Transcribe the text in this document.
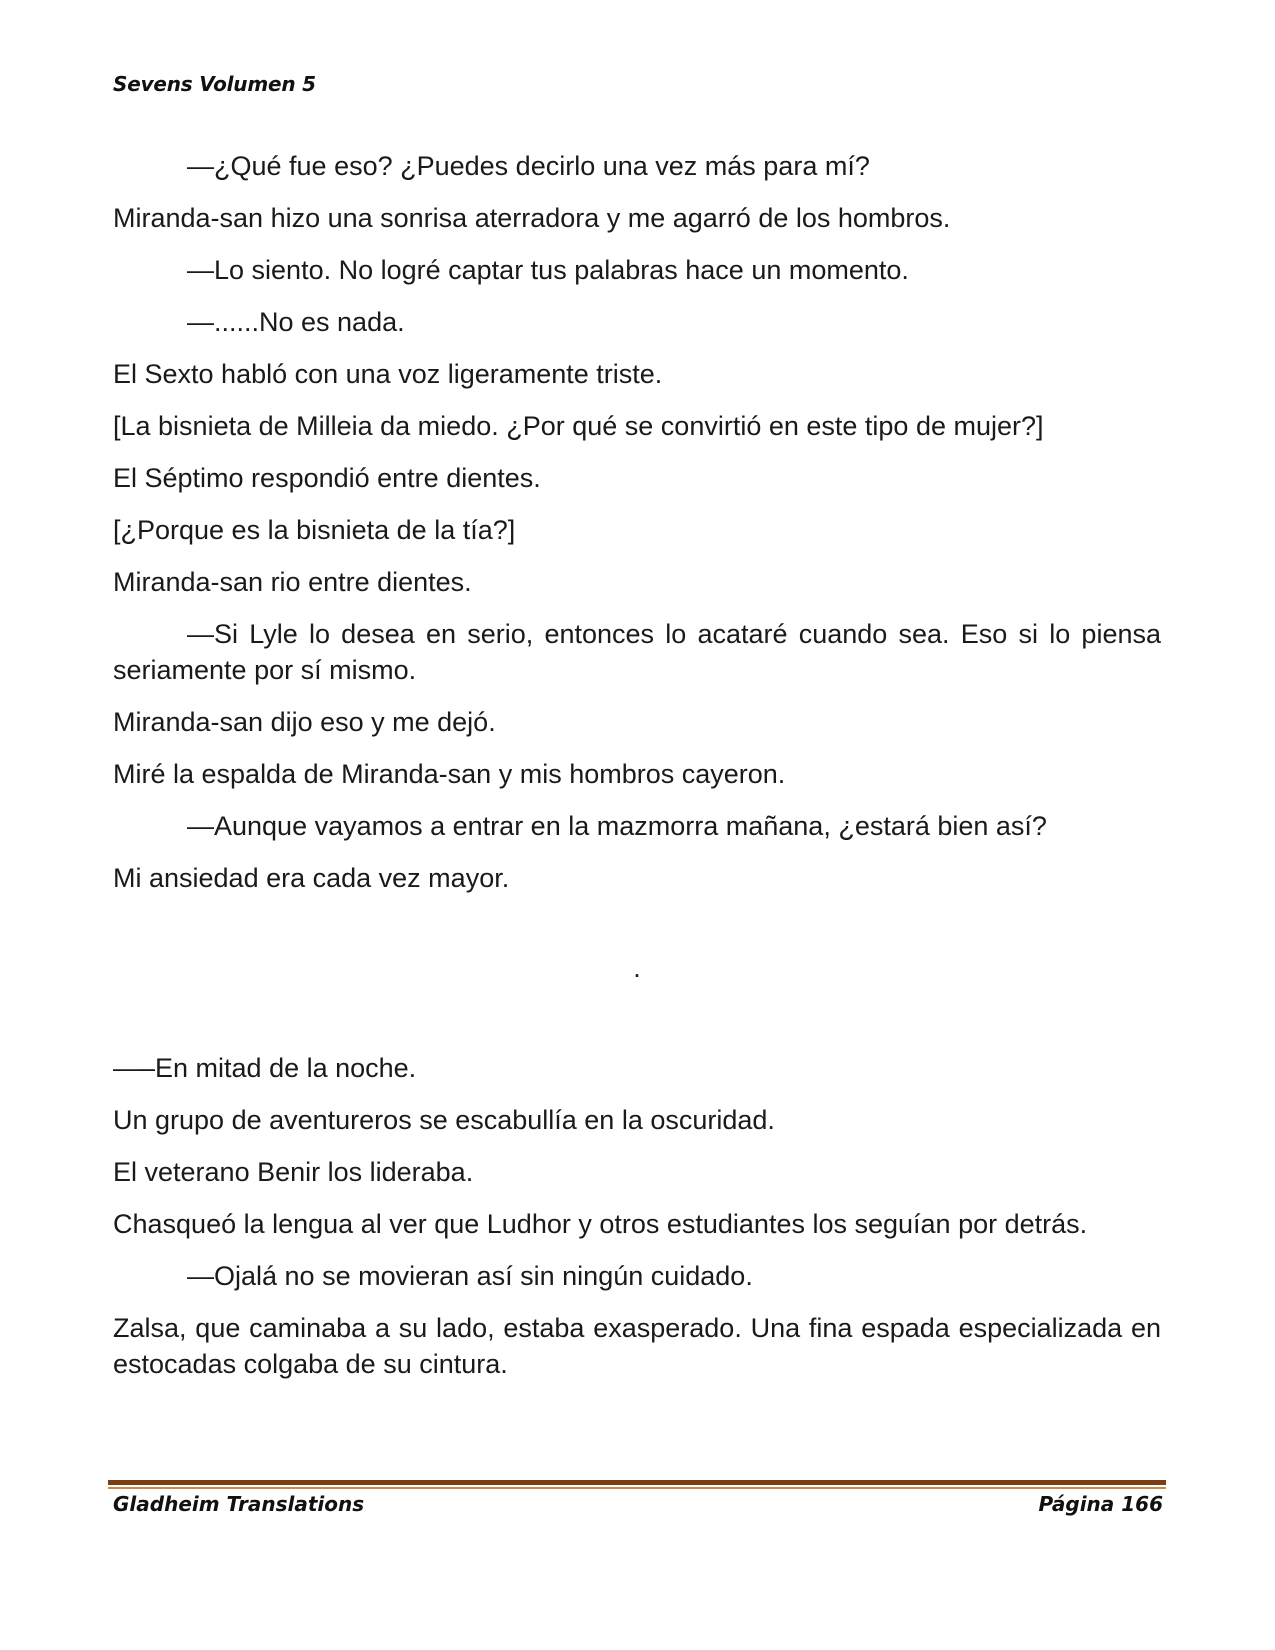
Sevens Volumen 5

—¿Qué fue eso? ¿Puedes decirlo una vez más para mí?

Miranda-san hizo una sonrisa aterradora y me agarró de los hombros.

—Lo siento. No logré captar tus palabras hace un momento.

—......No es nada.

El Sexto habló con una voz ligeramente triste.

[La bisnieta de Milleia da miedo. ¿Por qué se convirtió en este tipo de mujer?]

El Séptimo respondió entre dientes.

[¿Porque es la bisnieta de la tía?]

Miranda-san rio entre dientes.

—Si Lyle lo desea en serio, entonces lo acataré cuando sea. Eso si lo piensa seriamente por sí mismo.

Miranda-san dijo eso y me dejó.

Miré la espalda de Miranda-san y mis hombros cayeron.

—Aunque vayamos a entrar en la mazmorra mañana, ¿estará bien así?

Mi ansiedad era cada vez mayor.

.

—–En mitad de la noche.

Un grupo de aventureros se escabullía en la oscuridad.

El veterano Benir los lideraba.

Chasqueó la lengua al ver que Ludhor y otros estudiantes los seguían por detrás.

—Ojalá no se movieran así sin ningún cuidado.

Zalsa, que caminaba a su lado, estaba exasperado. Una fina espada especializada en estocadas colgaba de su cintura.

Gladheim Translations	Página 166
